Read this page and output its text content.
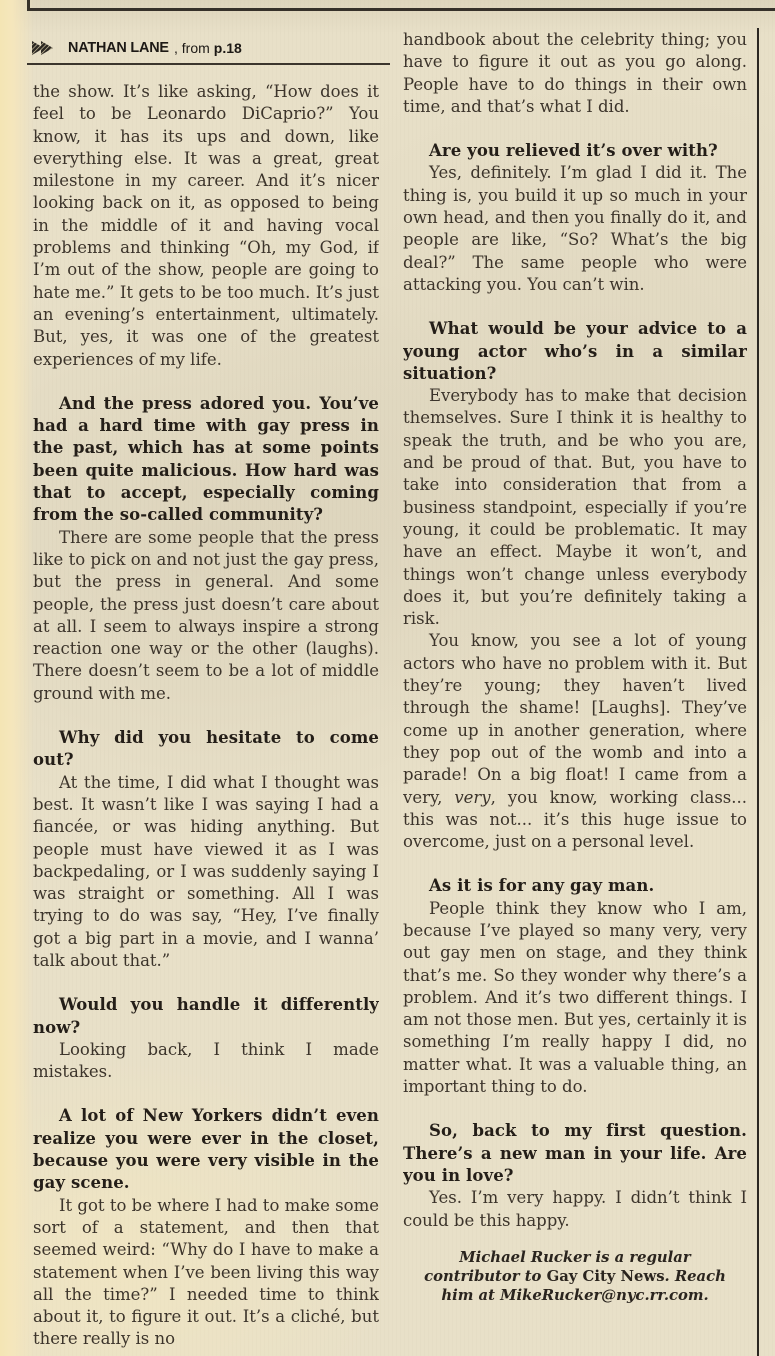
NATHAN LANE , from p.18

the show. It’s like asking, “How does it feel to be Leonardo DiCaprio?” You know, it has its ups and down, like everything else. It was a great, great milestone in my career. And it’s nicer looking back on it, as opposed to being in the middle of it and having vocal problems and thinking “Oh, my God, if I’m out of the show, people are going to hate me.” It gets to be too much. It’s just an evening’s entertainment, ultimately. But, yes, it was one of the greatest experiences of my life.

And the press adored you. You’ve had a hard time with gay press in the past, which has at some points been quite malicious. How hard was that to accept, especially coming from the so-called community?

There are some people that the press like to pick on and not just the gay press, but the press in general. And some people, the press just doesn’t care about at all. I seem to always inspire a strong reaction one way or the other (laughs). There doesn’t seem to be a lot of middle ground with me.

Why did you hesitate to come out?

At the time, I did what I thought was best. It wasn’t like I was saying I had a fiancée, or was hiding anything. But people must have viewed it as I was backpedaling, or I was suddenly saying I was straight or something. All I was trying to do was say, “Hey, I’ve finally got a big part in a movie, and I wanna’ talk about that.”

Would you handle it differently now?

Looking back, I think I made mistakes.

A lot of New Yorkers didn’t even realize you were ever in the closet, because you were very visible in the gay scene.

It got to be where I had to make some sort of a statement, and then that seemed weird: “Why do I have to make a statement when I’ve been living this way all the time?” I needed time to think about it, to figure it out. It’s a cliché, but there really is no

handbook about the celebrity thing; you have to figure it out as you go along. People have to do things in their own time, and that’s what I did.

Are you relieved it’s over with?

Yes, definitely. I’m glad I did it. The thing is, you build it up so much in your own head, and then you finally do it, and people are like, “So? What’s the big deal?” The same people who were attacking you. You can’t win.

What would be your advice to a young actor who’s in a similar situation?

Everybody has to make that decision themselves. Sure I think it is healthy to speak the truth, and be who you are, and be proud of that. But, you have to take into consideration that from a business standpoint, especially if you’re young, it could be problematic. It may have an effect. Maybe it won’t, and things won’t change unless everybody does it, but you’re definitely taking a risk.

You know, you see a lot of young actors who have no problem with it. But they’re young; they haven’t lived through the shame! [Laughs]. They’ve come up in another generation, where they pop out of the womb and into a parade! On a big float! I came from a very, very, you know, working class... this was not... it’s this huge issue to overcome, just on a personal level.

As it is for any gay man.

People think they know who I am, because I’ve played so many very, very out gay men on stage, and they think that’s me. So they wonder why there’s a problem. And it’s two different things. I am not those men. But yes, certainly it is something I’m really happy I did, no matter what. It was a valuable thing, an important thing to do.

So, back to my first question. There’s a new man in your life. Are you in love?

Yes. I’m very happy. I didn’t think I could be this happy.

Michael Rucker is a regular contributor to Gay City News. Reach him at MikeRucker@nyc.rr.com.
